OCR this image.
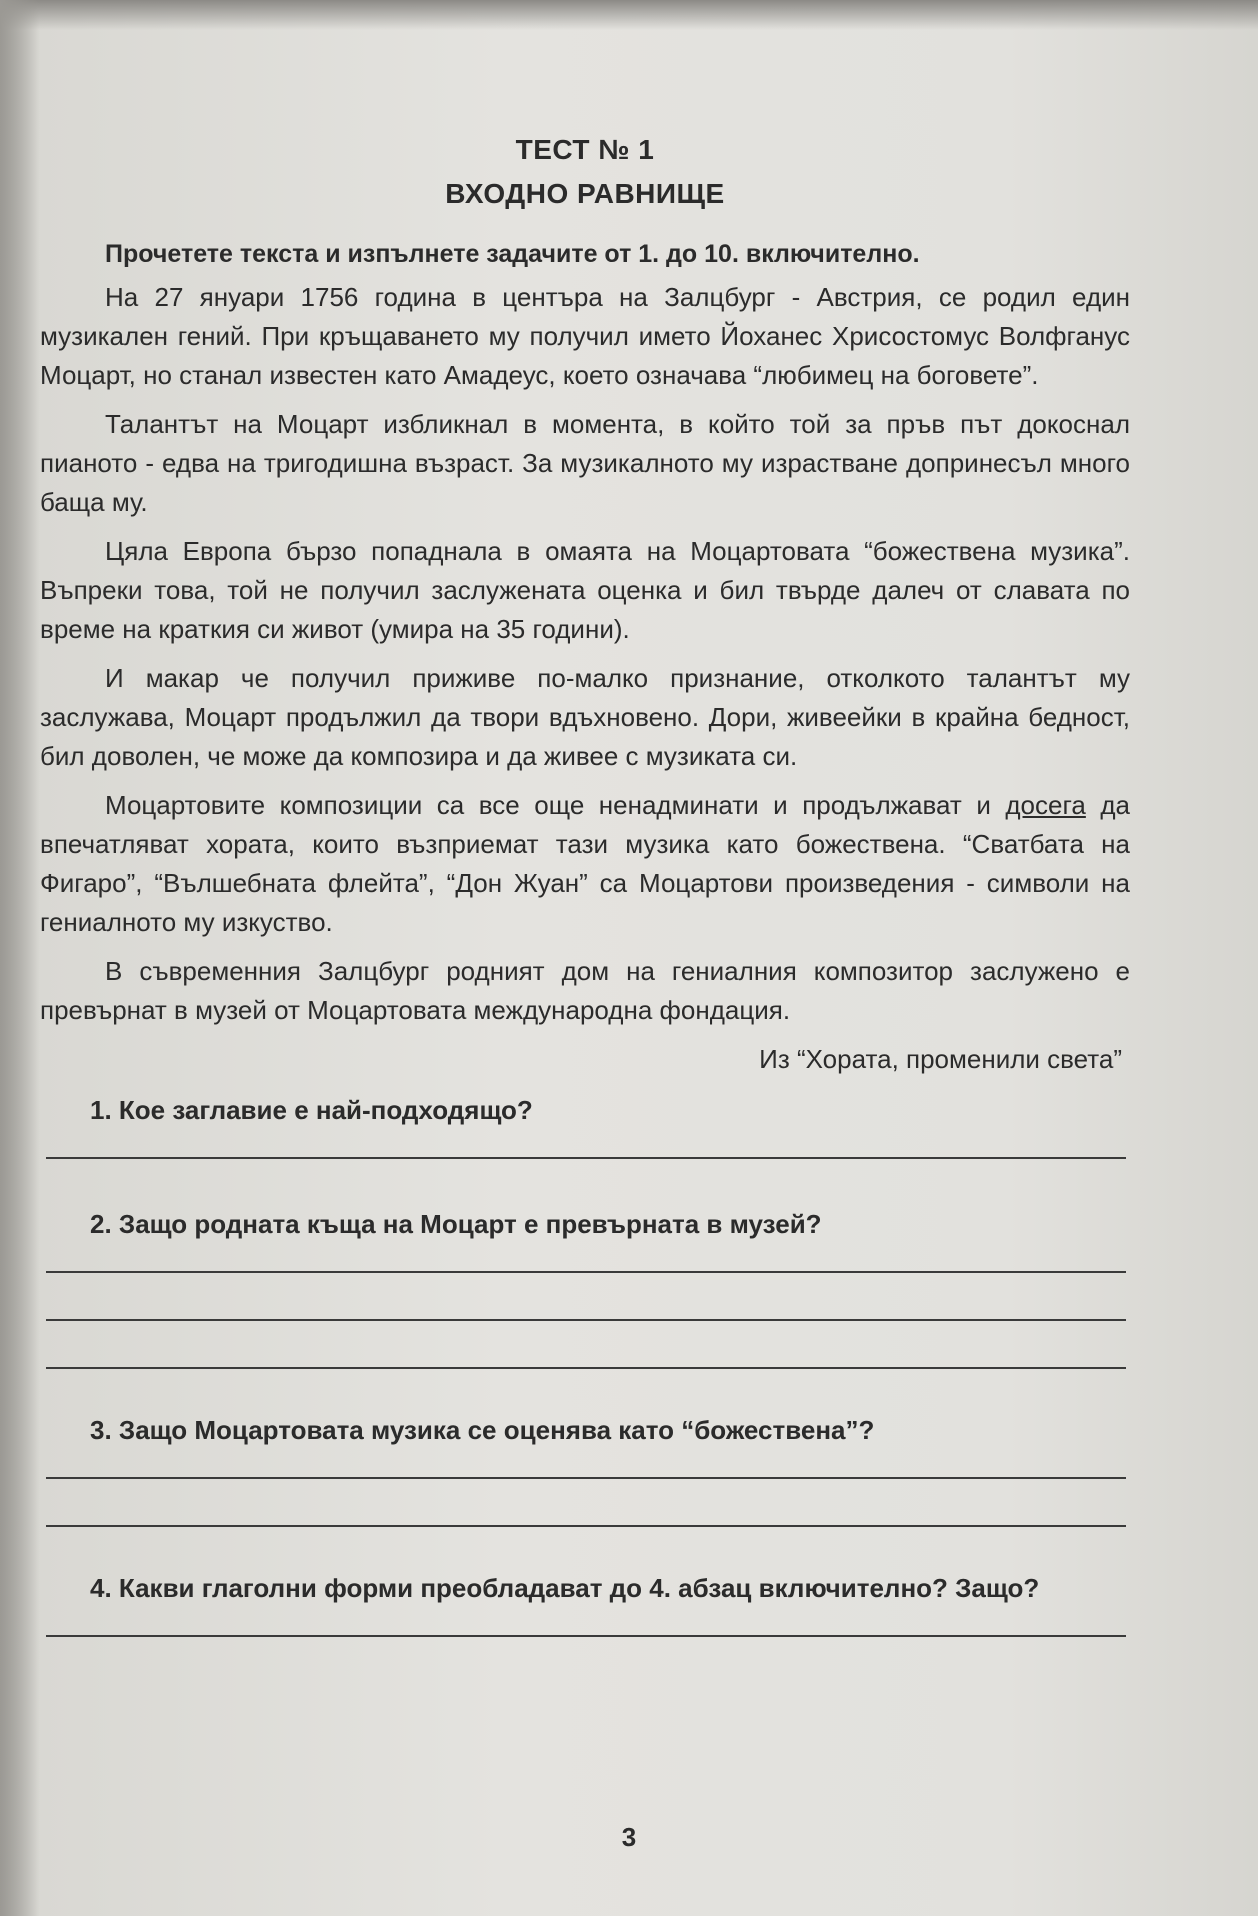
ТЕСТ № 1

ВХОДНО РАВНИЩЕ

Прочетете текста и изпълнете задачите от 1. до 10. включително.

На 27 януари 1756 година в центъра на Залцбург - Австрия, се родил един музикален гений. При кръщаването му получил името Йоханес Хрисостомус Волфганус Моцарт, но станал известен като Амадеус, което означава “любимец на боговете”.

Талантът на Моцарт избликнал в момента, в който той за пръв път докоснал пианото - едва на тригодишна възраст. За музикалното му израстване допринесъл много баща му.

Цяла Европа бързо попаднала в омаята на Моцартовата “божествена музика”. Въпреки това, той не получил заслужената оценка и бил твърде далеч от славата по време на краткия си живот (умира на 35 години).

И макар че получил приживе по-малко признание, отколкото талантът му заслужава, Моцарт продължил да твори вдъхновено. Дори, живеейки в крайна бедност, бил доволен, че може да композира и да живее с музиката си.

Моцартовите композиции са все още ненадминати и продължават и досега да впечатляват хората, които възприемат тази музика като божествена. “Сватбата на Фигаро”, “Вълшебната флейта”, “Дон Жуан” са Моцартови произведения - символи на гениалното му изкуство.

В съвременния Залцбург родният дом на гениалния композитор заслужено е превърнат в музей от Моцартовата международна фондация.

Из “Хората, променили света”

1. Кое заглавие е най-подходящо?

2. Защо родната къща на Моцарт е превърната в музей?

3. Защо Моцартовата музика се оценява като “божествена”?

4. Какви глаголни форми преобладават до 4. абзац включително? Защо?

3
